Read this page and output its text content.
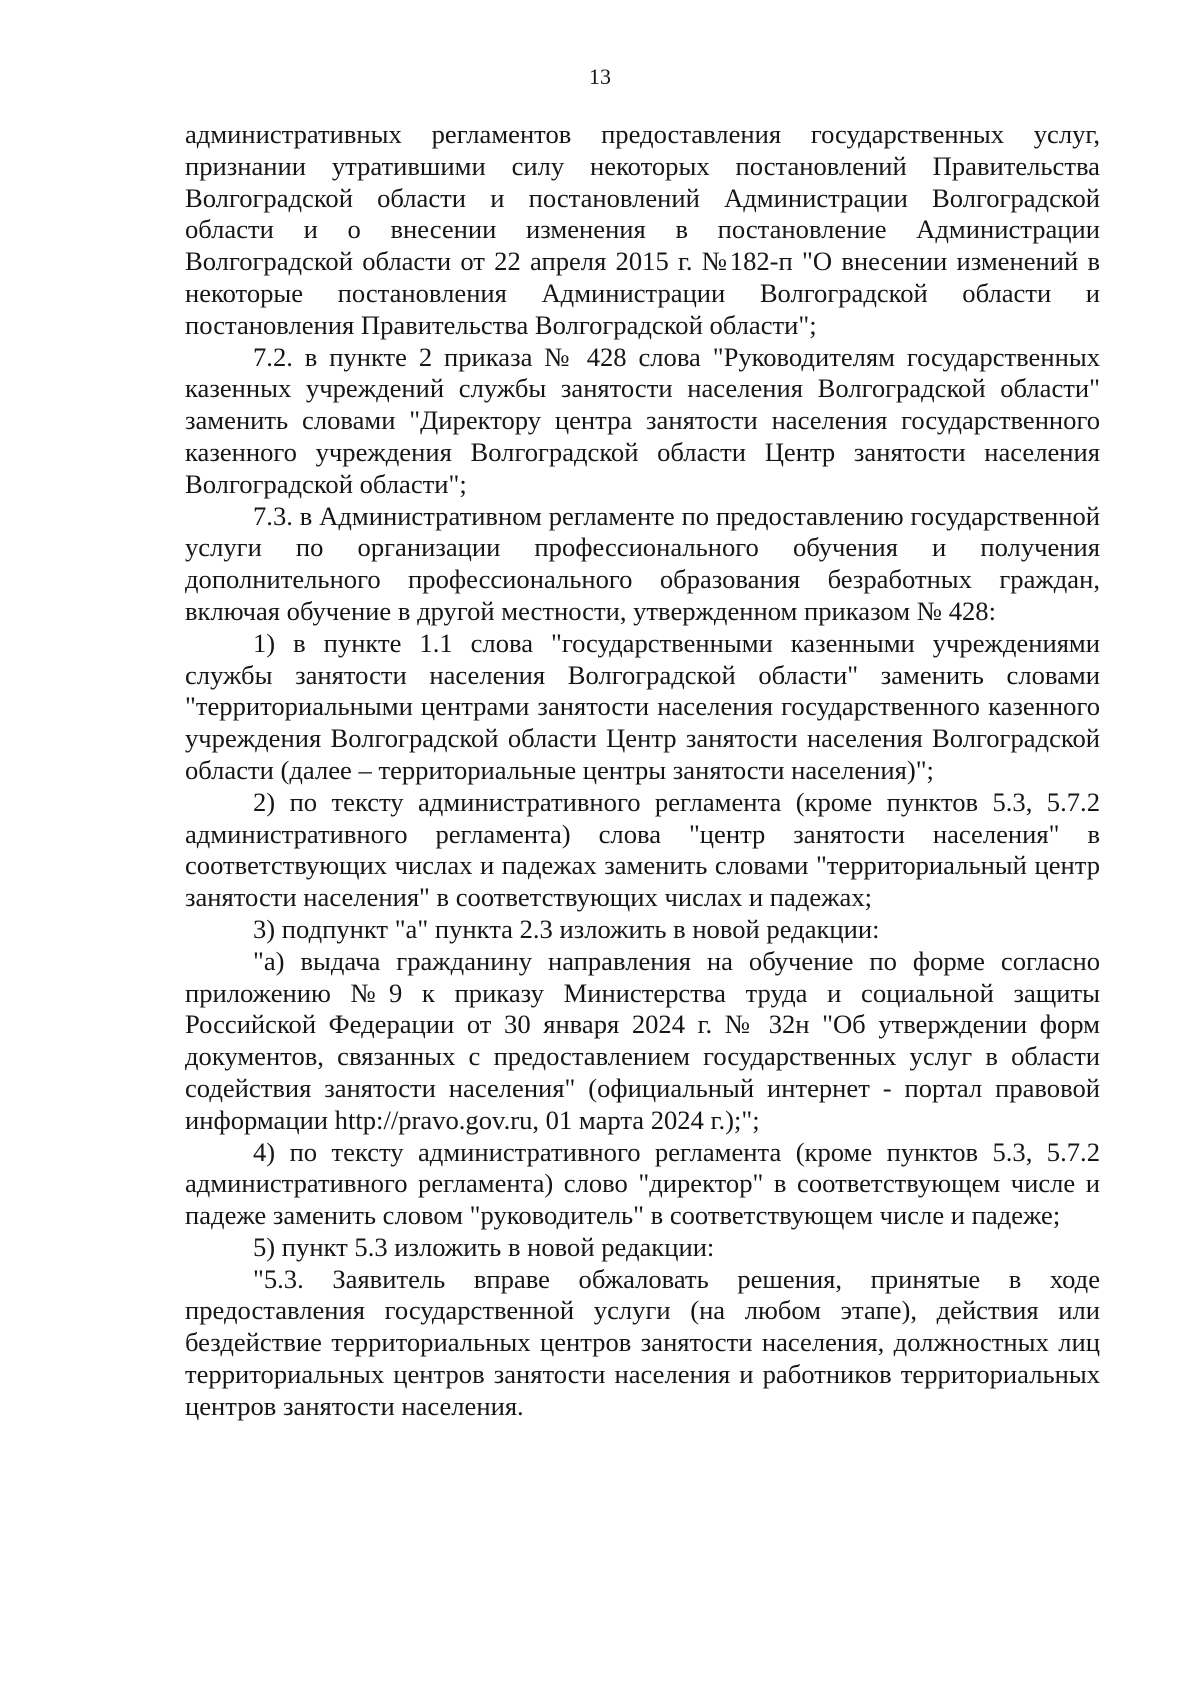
13

административных регламентов предоставления государственных услуг, признании утратившими силу некоторых постановлений Правительства Волгоградской области и постановлений Администрации Волгоградской области и о внесении изменения в постановление Администрации Волгоградской области от 22 апреля 2015 г. №182-п "О внесении изменений в некоторые постановления Администрации Волгоградской области и постановления Правительства Волгоградской области";

7.2. в пункте 2 приказа № 428 слова "Руководителям государственных казенных учреждений службы занятости населения Волгоградской области" заменить словами "Директору центра занятости населения государственного казенного учреждения Волгоградской области Центр занятости населения Волгоградской области";

7.3. в Административном регламенте по предоставлению государственной услуги по организации профессионального обучения и получения дополнительного профессионального образования безработных граждан, включая обучение в другой местности, утвержденном приказом № 428:

1) в пункте 1.1 слова "государственными казенными учреждениями службы занятости населения Волгоградской области" заменить словами "территориальными центрами занятости населения государственного казенного учреждения Волгоградской области Центр занятости населения Волгоградской области (далее – территориальные центры занятости населения)";

2) по тексту административного регламента (кроме пунктов 5.3, 5.7.2 административного регламента) слова "центр занятости населения" в соответствующих числах и падежах заменить словами "территориальный центр занятости населения" в соответствующих числах и падежах;

3) подпункт "а" пункта 2.3 изложить в новой редакции:

"а) выдача гражданину направления на обучение по форме согласно приложению №9 к приказу Министерства труда и социальной защиты Российской Федерации от 30 января 2024 г. № 32н "Об утверждении форм документов, связанных с предоставлением государственных услуг в области содействия занятости населения" (официальный интернет - портал правовой информации http://pravo.gov.ru, 01 марта 2024 г.);";

4) по тексту административного регламента (кроме пунктов 5.3, 5.7.2 административного регламента) слово "директор" в соответствующем числе и падеже заменить словом "руководитель" в соответствующем числе и падеже;

5) пункт 5.3 изложить в новой редакции:

"5.3. Заявитель вправе обжаловать решения, принятые в ходе предоставления государственной услуги (на любом этапе), действия или бездействие территориальных центров занятости населения, должностных лиц территориальных центров занятости населения и работников территориальных центров занятости населения.
